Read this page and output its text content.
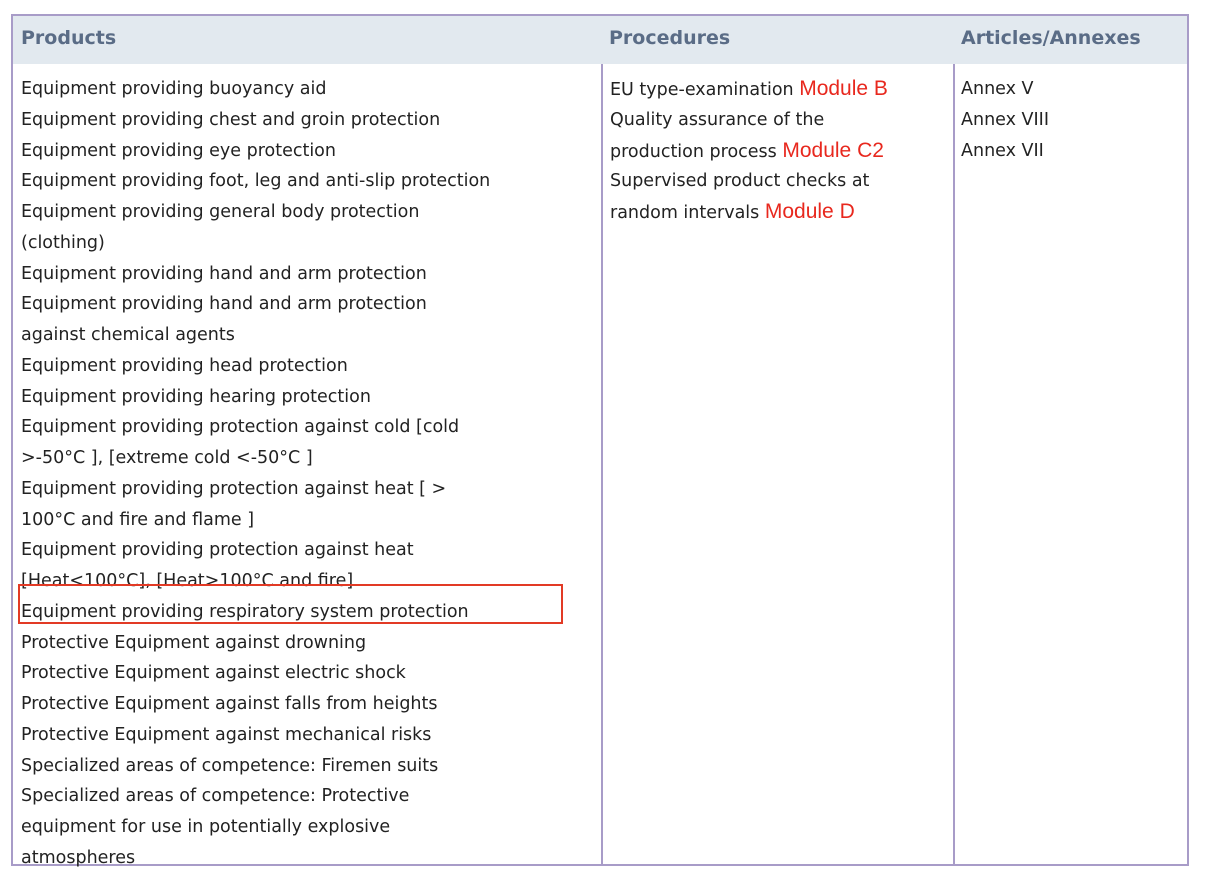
Products	Procedures	Articles/Annexes
Equipment providing buoyancy aid
Equipment providing chest and groin protection
Equipment providing eye protection
Equipment providing foot, leg and anti-slip protection
Equipment providing general body protection
(clothing)
Equipment providing hand and arm protection
Equipment providing hand and arm protection
against chemical agents
Equipment providing head protection
Equipment providing hearing protection
Equipment providing protection against cold [cold
>-50°C ], [extreme cold <-50°C ]
Equipment providing protection against heat [ >
100°C and fire and flame ]
Equipment providing protection against heat
[Heat<100°C], [Heat>100°C and fire]
Equipment providing respiratory system protection
Protective Equipment against drowning
Protective Equipment against electric shock
Protective Equipment against falls from heights
Protective Equipment against mechanical risks
Specialized areas of competence: Firemen suits
Specialized areas of competence: Protective
equipment for use in potentially explosive
atmospheres
EU type-examination Module B
Quality assurance of the
production process Module C2
Supervised product checks at
random intervals Module D
Annex V
Annex VIII
Annex VII
